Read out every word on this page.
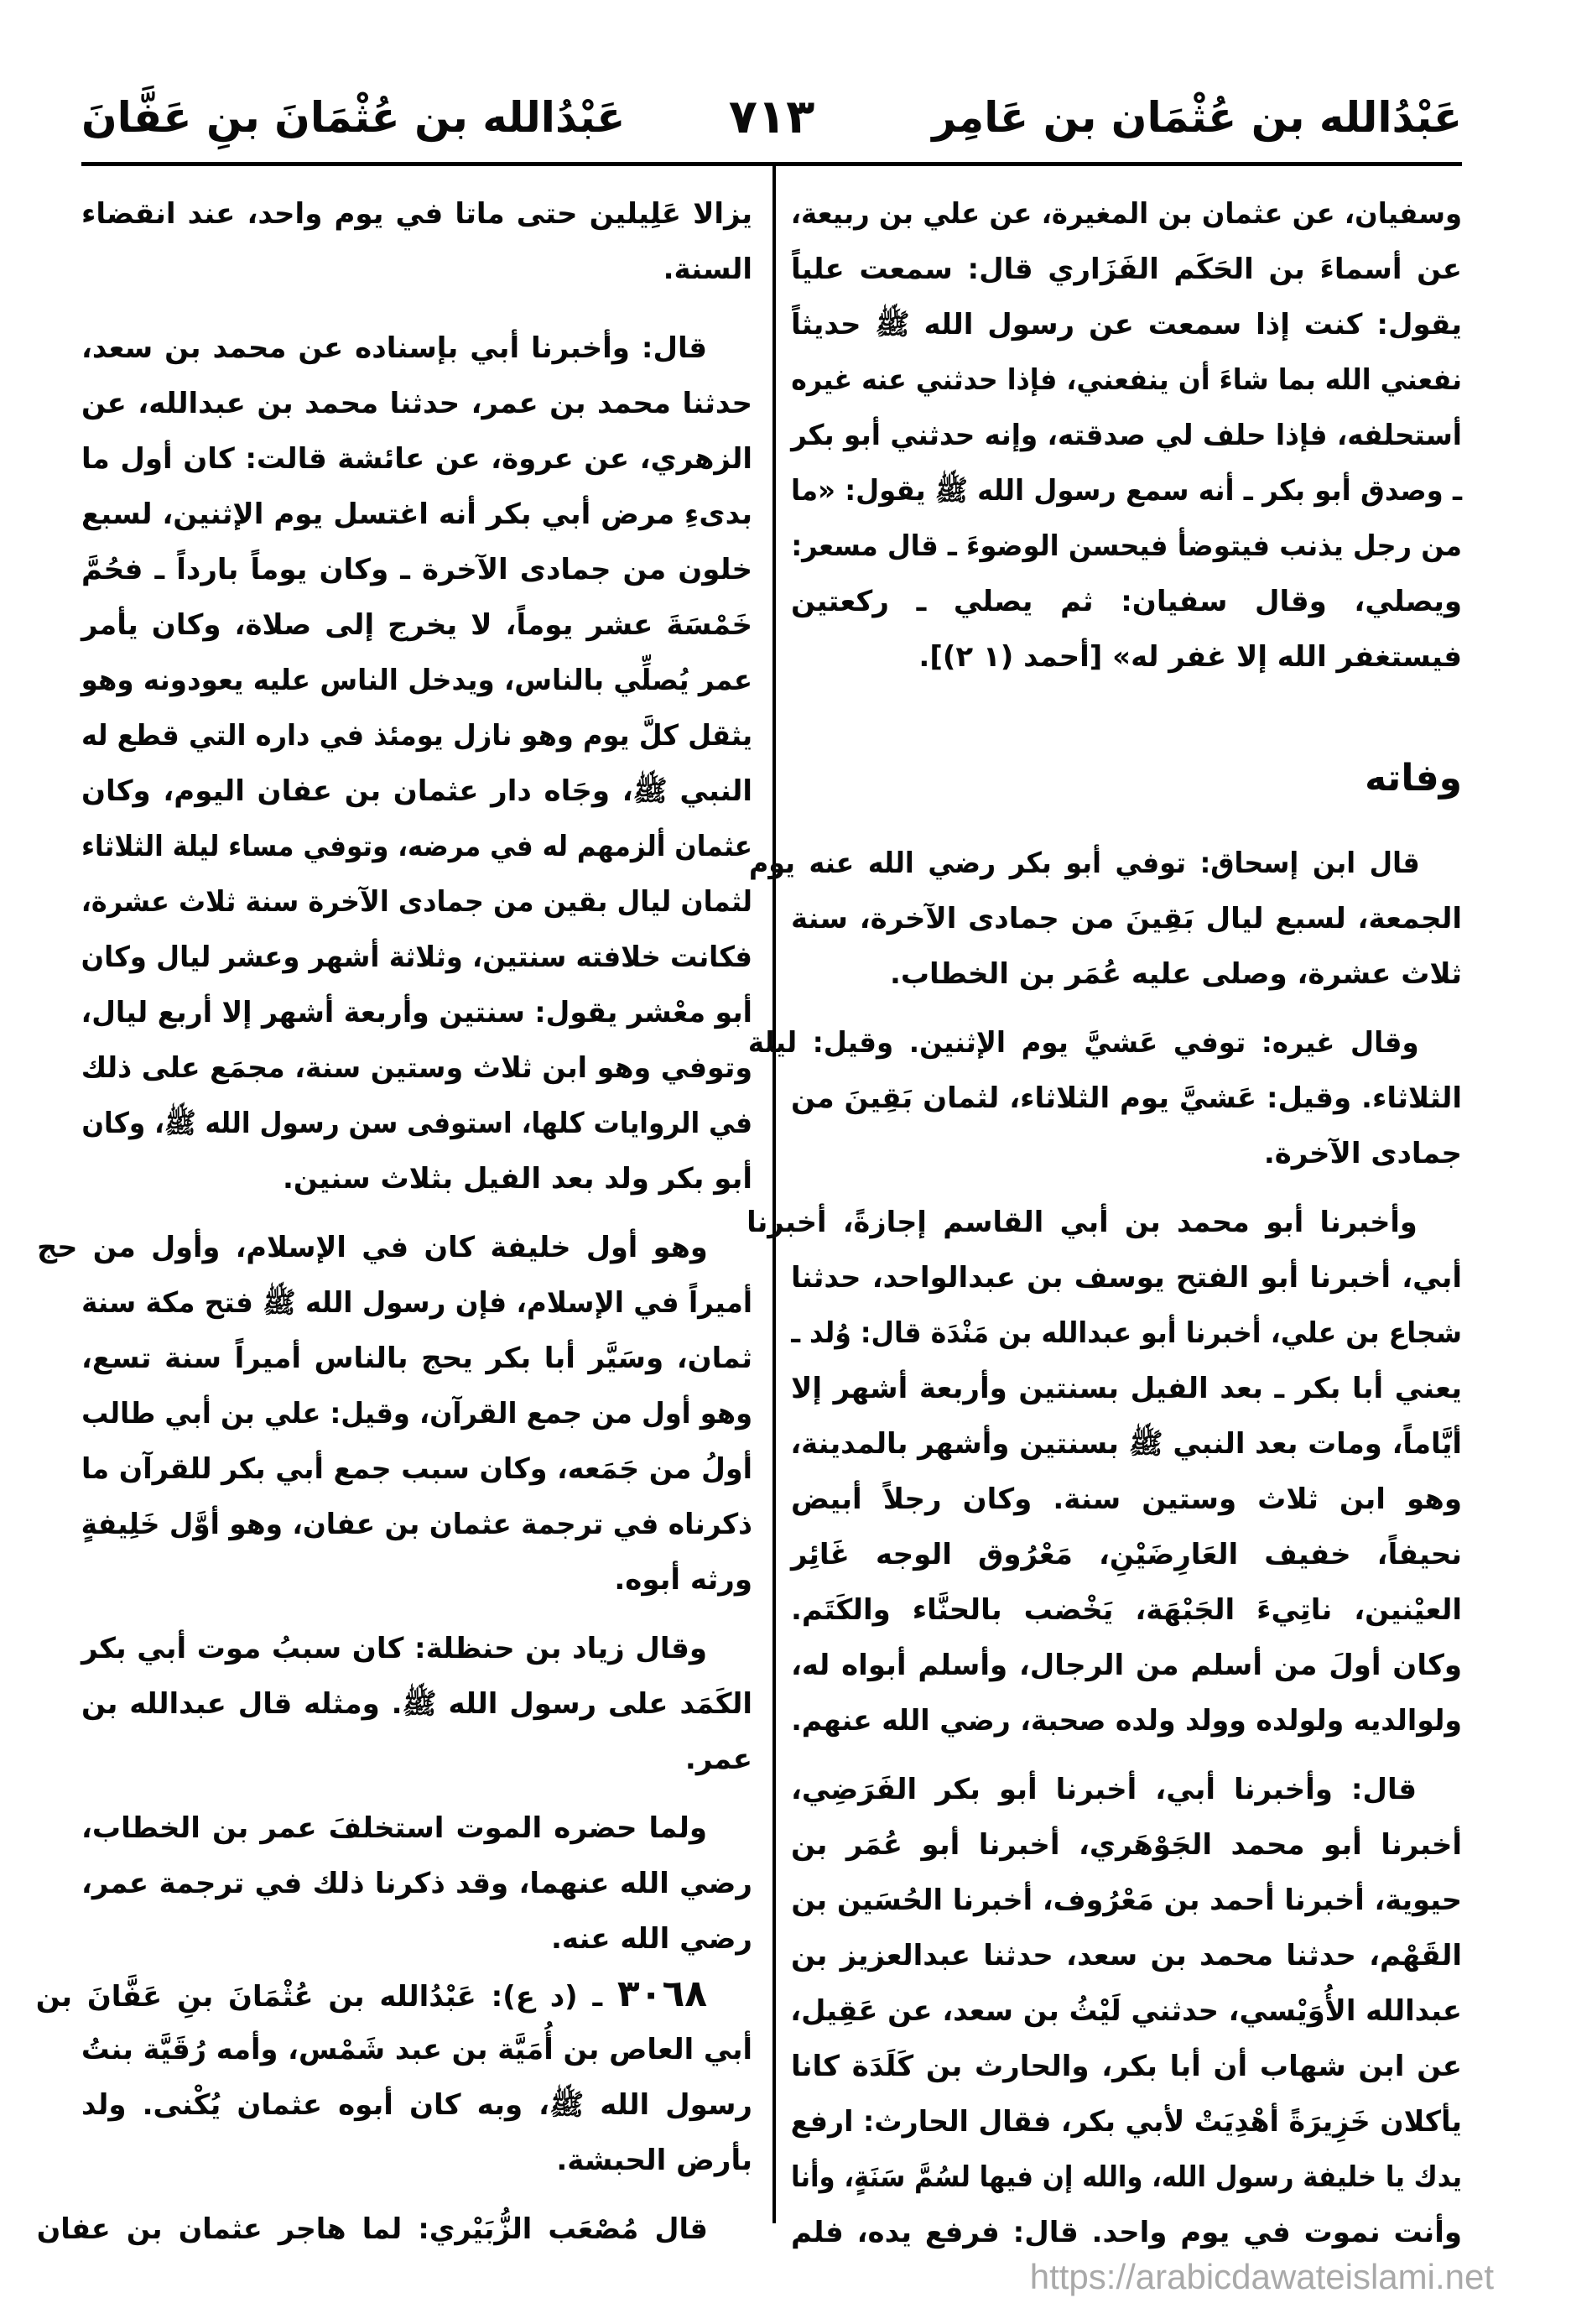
عَبْدُالله بن عُثْمَان بن عَامِر
٧١٣
عَبْدُالله بن عُثْمَانَ بنِ عَفَّانَ
وسفيان، عن عثمان بن المغيرة، عن علي بن ربيعة،
عن أسماءَ بن الحَكَم الفَزَاري قال: سمعت علياً
يقول: كنت إذا سمعت عن رسول الله ﷺ حديثاً
نفعني الله بما شاءَ أن ينفعني، فإذا حدثني عنه غيره
أستحلفه، فإذا حلف لي صدقته، وإنه حدثني أبو بكر
ـ وصدق أبو بكر ـ أنه سمع رسول الله ﷺ يقول: «ما
من رجل يذنب فيتوضأ فيحسن الوضوءَ ـ قال مسعر:
ويصلي، وقال سفيان: ثم يصلي ـ ركعتين
فيستغفر الله إلا غفر له» [أحمد (١ ٢)].
وفاته
قال ابن إسحاق: توفي أبو بكر رضي الله عنه يوم
الجمعة، لسبع ليال بَقِينَ من جمادى الآخرة، سنة
ثلاث عشرة، وصلى عليه عُمَر بن الخطاب.
وقال غيره: توفي عَشيَّ يوم الإثنين. وقيل: ليلة
الثلاثاء. وقيل: عَشيَّ يوم الثلاثاء، لثمان بَقِينَ من
جمادى الآخرة.
وأخبرنا أبو محمد بن أبي القاسم إجازةً، أخبرنا
أبي، أخبرنا أبو الفتح يوسف بن عبدالواحد، حدثنا
شجاع بن علي، أخبرنا أبو عبدالله بن مَنْدَة قال: وُلد ـ
يعني أبا بكر ـ بعد الفيل بسنتين وأربعة أشهر إلا
أيَّاماً، ومات بعد النبي ﷺ بسنتين وأشهر بالمدينة،
وهو ابن ثلاث وستين سنة. وكان رجلاً أبيض
نحيفاً، خفيف العَارِضَيْنِ، مَعْرُوق الوجه غَائِر
العيْنين، ناتِيءَ الجَبْهَة، يَخْضب بالحنَّاء والكَتَم.
وكان أولَ من أسلم من الرجال، وأسلم أبواه له،
ولوالديه ولولده وولد ولده صحبة، رضي الله عنهم.
قال: وأخبرنا أبي، أخبرنا أبو بكر الفَرَضِي،
أخبرنا أبو محمد الجَوْهَري، أخبرنا أبو عُمَر بن
حيوية، أخبرنا أحمد بن مَعْرُوف، أخبرنا الحُسَين بن
القَهْم، حدثنا محمد بن سعد، حدثنا عبدالعزيز بن
عبدالله الأُوَيْسي، حدثني لَيْثُ بن سعد، عن عَقِيل،
عن ابن شهاب أن أبا بكر، والحارث بن كَلَدَة كانا
يأكلان خَزِيرَةً أهْدِيَتْ لأبي بكر، فقال الحارث: ارفع
يدك يا خليفة رسول الله، والله إن فيها لسُمَّ سَنَةٍ، وأنا
وأنت نموت في يوم واحد. قال: فرفع يده، فلم
يزالا عَلِيلين حتى ماتا في يوم واحد، عند انقضاء
السنة.
قال: وأخبرنا أبي بإسناده عن محمد بن سعد،
حدثنا محمد بن عمر، حدثنا محمد بن عبدالله، عن
الزهري، عن عروة، عن عائشة قالت: كان أول ما
بدىءِ مرض أبي بكر أنه اغتسل يوم الإثنين، لسبع
خلون من جمادى الآخرة ـ وكان يوماً بارداً ـ فحُمَّ
خَمْسَةَ عشر يوماً، لا يخرج إلى صلاة، وكان يأمر
عمر يُصلِّي بالناس، ويدخل الناس عليه يعودونه وهو
يثقل كلَّ يوم وهو نازل يومئذ في داره التي قطع له
النبي ﷺ، وجَاه دار عثمان بن عفان اليوم، وكان
عثمان ألزمهم له في مرضه، وتوفي مساء ليلة الثلاثاء
لثمان ليال بقين من جمادى الآخرة سنة ثلاث عشرة،
فكانت خلافته سنتين، وثلاثة أشهر وعشر ليال وكان
أبو معْشر يقول: سنتين وأربعة أشهر إلا أربع ليال،
وتوفي وهو ابن ثلاث وستين سنة، مجمَع على ذلك
في الروايات كلها، استوفى سن رسول الله ﷺ، وكان
أبو بكر ولد بعد الفيل بثلاث سنين.
وهو أول خليفة كان في الإسلام، وأول من حج
أميراً في الإسلام، فإن رسول الله ﷺ فتح مكة سنة
ثمان، وسَيَّر أبا بكر يحج بالناس أميراً سنة تسع،
وهو أول من جمع القرآن، وقيل: علي بن أبي طالب
أولُ من جَمَعه، وكان سبب جمع أبي بكر للقرآن ما
ذكرناه في ترجمة عثمان بن عفان، وهو أوَّل خَلِيفةٍ
ورثه أبوه.
وقال زياد بن حنظلة: كان سببُ موت أبي بكر
الكَمَد على رسول الله ﷺ. ومثله قال عبدالله بن
عمر.
ولما حضره الموت استخلفَ عمر بن الخطاب،
رضي الله عنهما، وقد ذكرنا ذلك في ترجمة عمر،
رضي الله عنه.
٣٠٦٨ ـ (د ع): عَبْدُالله بن عُثْمَانَ بنِ عَفَّانَ بن
أبي العاص بن أُمَيَّة بن عبد شَمْس، وأمه رُقَيَّة بنتُ
رسول الله ﷺ، وبه كان أبوه عثمان يُكْنى. ولد
بأرض الحبشة.
قال مُصْعَب الزُّبَيْري: لما هاجر عثمان بن عفان
https://arabicdawateislami.net
